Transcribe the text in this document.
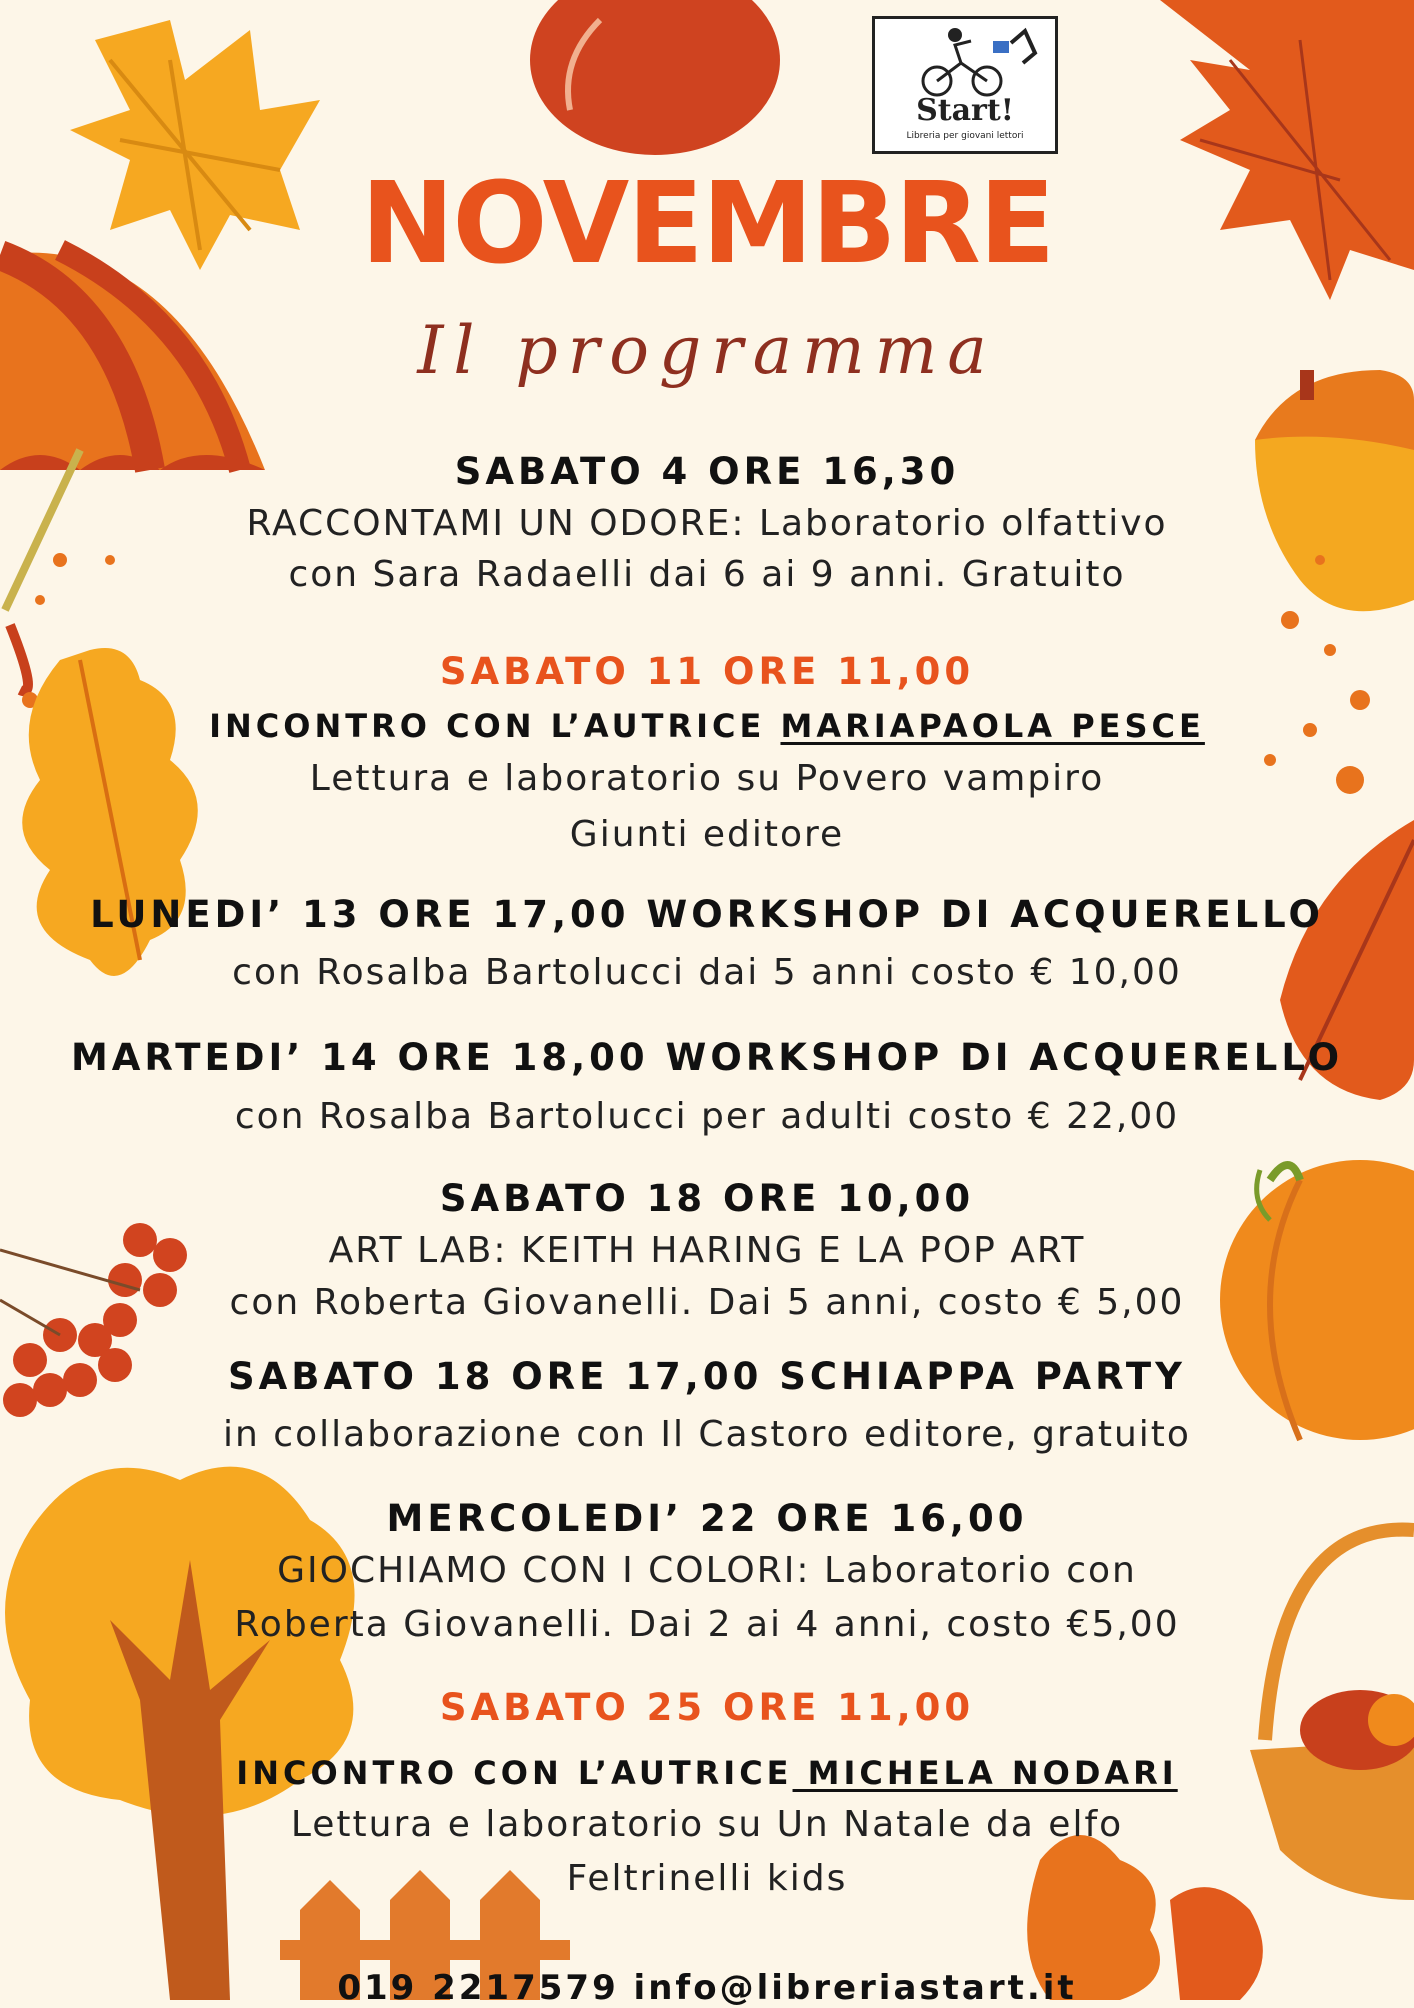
Start!
Libreria per giovani lettori
NOVEMBRE
Il programma
SABATO 4 ORE 16,30
RACCONTAMI UN ODORE: Laboratorio olfattivo
con Sara Radaelli dai 6 ai 9 anni. Gratuito
SABATO 11 ORE 11,00
INCONTRO CON L’AUTRICE MARIAPAOLA PESCE
Lettura e laboratorio su Povero vampiro
Giunti editore
LUNEDI’ 13 ORE 17,00 WORKSHOP DI ACQUERELLO
con Rosalba Bartolucci dai 5 anni costo € 10,00
MARTEDI’ 14 ORE 18,00 WORKSHOP DI ACQUERELLO
con Rosalba Bartolucci per adulti costo € 22,00
SABATO 18 ORE 10,00
ART LAB: KEITH HARING E LA POP ART
con Roberta Giovanelli. Dai 5 anni, costo € 5,00
SABATO 18 ORE 17,00 SCHIAPPA PARTY
in collaborazione con Il Castoro editore, gratuito
MERCOLEDI’ 22 ORE 16,00
GIOCHIAMO CON I COLORI: Laboratorio con
Roberta Giovanelli. Dai 2 ai 4 anni, costo €5,00
SABATO 25 ORE 11,00
INCONTRO CON L’AUTRICE MICHELA NODARI
Lettura e laboratorio su Un Natale da elfo
Feltrinelli kids
019 2217579 info@libreriastart.it
